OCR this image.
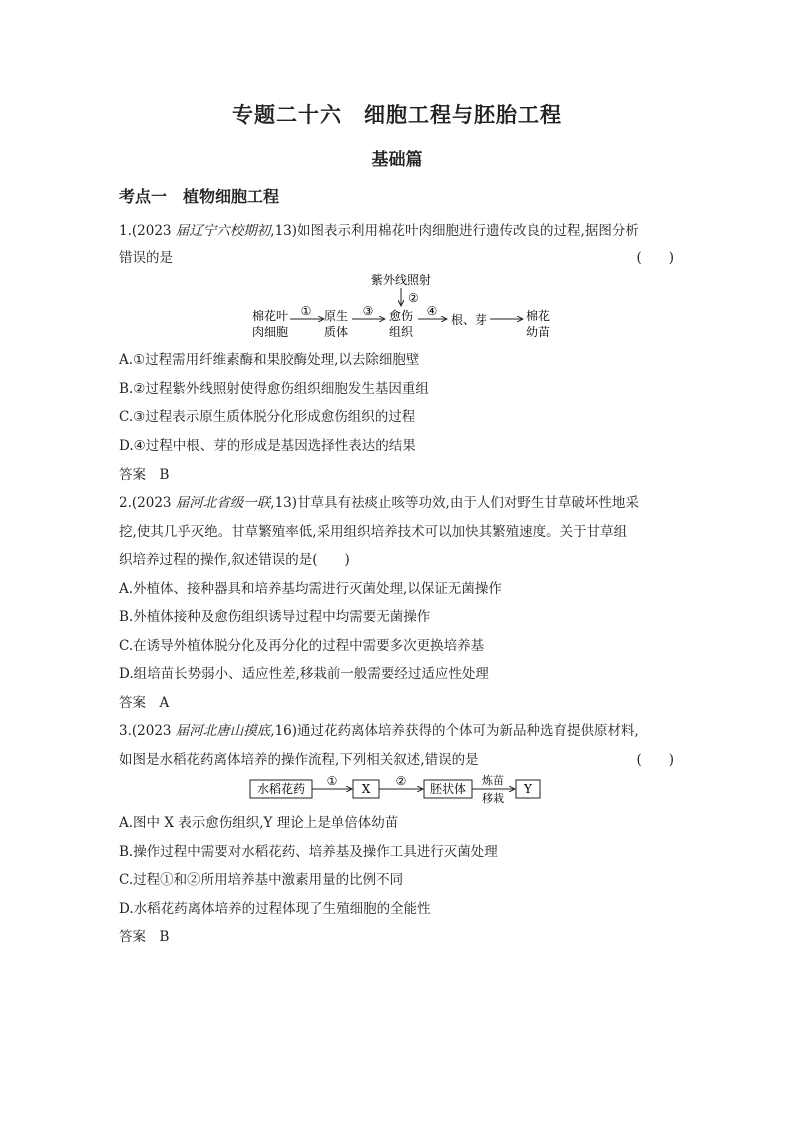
专题二十六　细胞工程与胚胎工程
基础篇
考点一　植物细胞工程
1.(2023 届辽宁六校期初,13)如图表示利用棉花叶肉细胞进行遗传改良的过程,据图分析
错误的是	(　　)
紫外线照射
②
棉花叶
肉细胞
① 原生
质体
③ 愈伤
组织
④
根、芽	棉花
幼苗
A.①过程需用纤维素酶和果胶酶处理,以去除细胞壁
B.②过程紫外线照射使得愈伤组织细胞发生基因重组
C.③过程表示原生质体脱分化形成愈伤组织的过程
D.④过程中根、芽的形成是基因选择性表达的结果
答案　B
2.(2023 届河北省级一联,13)甘草具有祛痰止咳等功效,由于人们对野生甘草破坏性地采
挖,使其几乎灭绝。甘草繁殖率低,采用组织培养技术可以加快其繁殖速度。关于甘草组
织培养过程的操作,叙述错误的是(　　)
A.外植体、接种器具和培养基均需进行灭菌处理,以保证无菌操作
B.外植体接种及愈伤组织诱导过程中均需要无菌操作
C.在诱导外植体脱分化及再分化的过程中需要多次更换培养基
D.组培苗长势弱小、适应性差,移栽前一般需要经过适应性处理
答案　A
3.(2023 届河北唐山摸底,16)通过花药离体培养获得的个体可为新品种选育提供原材料,
如图是水稻花药离体培养的操作流程,下列相关叙述,错误的是	(　　)
水稻花药
①
X
②
胚状体
炼苗
移栽
Y
A.图中 X 表示愈伤组织,Y 理论上是单倍体幼苗
B.操作过程中需要对水稻花药、培养基及操作工具进行灭菌处理
C.过程①和②所用培养基中激素用量的比例不同
D.水稻花药离体培养的过程体现了生殖细胞的全能性
答案　B
